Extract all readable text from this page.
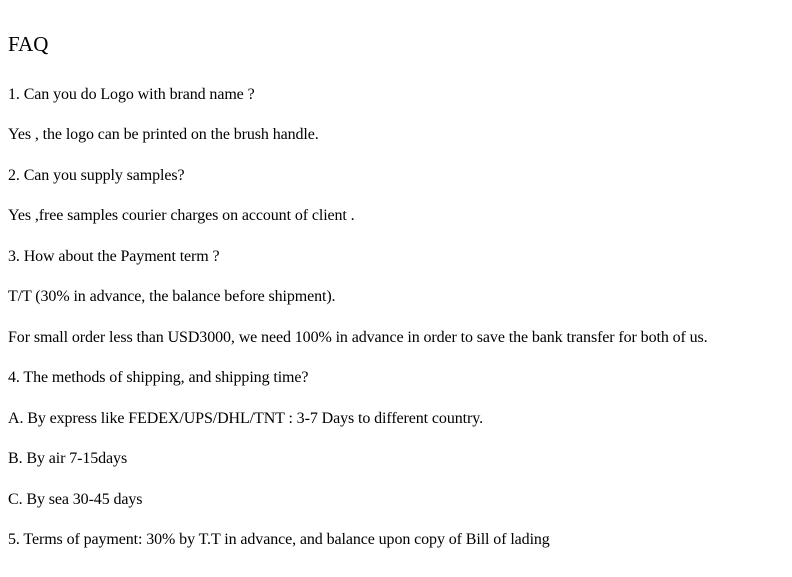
FAQ
1. Can you do Logo with brand name ?
Yes , the logo can be printed on the brush handle.
2. Can you supply samples?
Yes ,free samples courier charges on account of client .
3. How about the Payment term ?
T/T (30% in advance, the balance before shipment).
For small order less than USD3000, we need 100% in advance in order to save the bank transfer for both of us.
4. The methods of shipping, and shipping time?
A. By express like FEDEX/UPS/DHL/TNT : 3-7 Days to different country.
B. By air 7-15days
C. By sea 30-45 days
5. Terms of payment: 30% by T.T in advance, and balance upon copy of Bill of lading
